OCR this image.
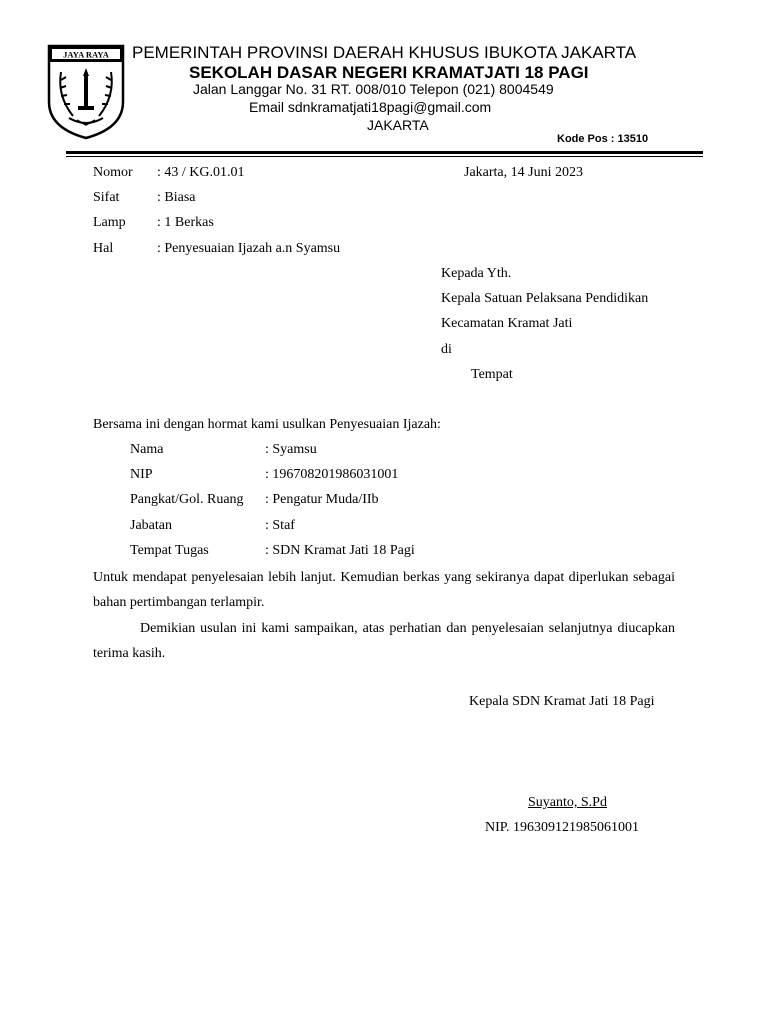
JAYA RAYA PEMERINTAH PROVINSI DAERAH KHUSUS IBUKOTA JAKARTA
SEKOLAH DASAR NEGERI KRAMATJATI 18 PAGI
Jalan Langgar No. 31 RT. 008/010 Telepon (021) 8004549
Email sdnkramatjati18pagi@gmail.com
JAKARTA
Kode Pos : 13510
Nomor : 43 / KG.01.01	Jakarta, 14 Juni 2023
Sifat	: Biasa
Lamp : 1 Berkas
Hal	: Penyesuaian Ijazah a.n Syamsu
Kepada Yth.
Kepala Satuan Pelaksana Pendidikan
Kecamatan Kramat Jati
di
Tempat
Bersama ini dengan hormat kami usulkan Penyesuaian Ijazah:
Nama	: Syamsu
NIP	: 196708201986031001
Pangkat/Gol. Ruang : Pengatur Muda/IIb
Jabatan	: Staf
Tempat Tugas	: SDN Kramat Jati 18 Pagi
Untuk mendapat penyelesaian lebih lanjut. Kemudian berkas yang sekiranya dapat diperlukan sebagai bahan pertimbangan terlampir.
Demikian usulan ini kami sampaikan, atas perhatian dan penyelesaian selanjutnya diucapkan terima kasih.
Kepala SDN Kramat Jati 18 Pagi
Suyanto, S.Pd
NIP. 196309121985061001
